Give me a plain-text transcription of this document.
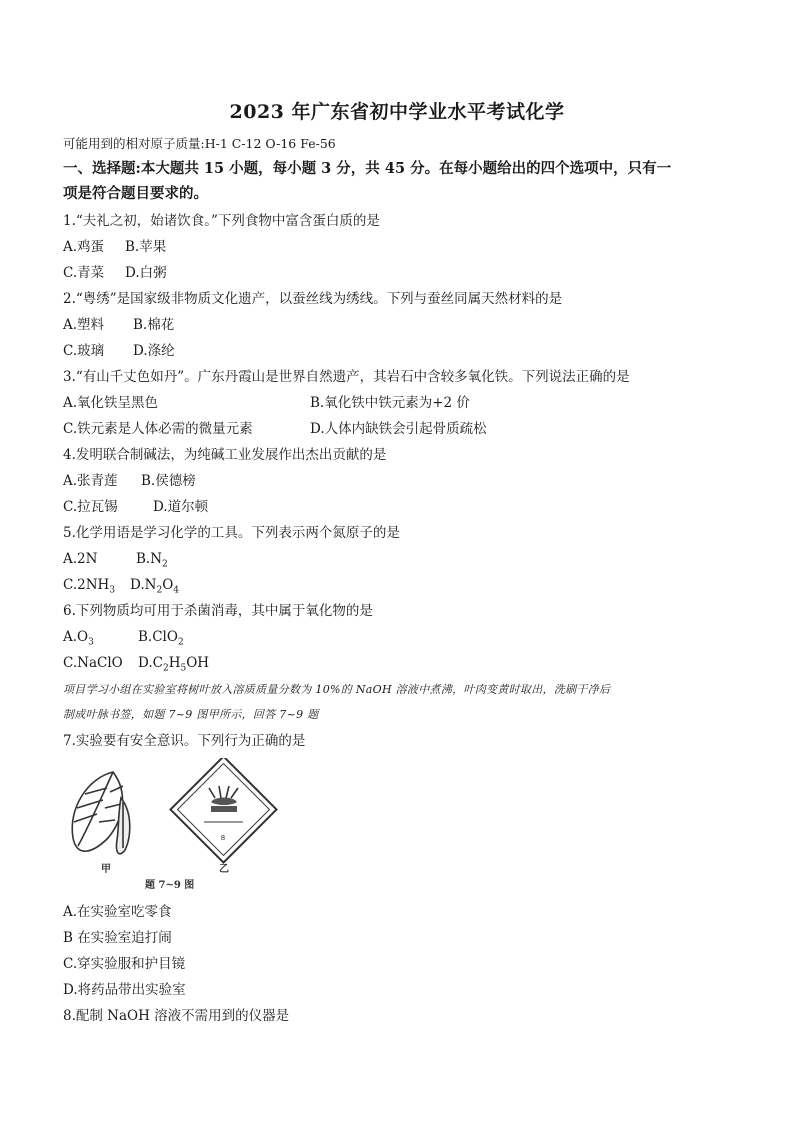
2023 年广东省初中学业水平考试化学
可能用到的相对原子质量:H-1 C-12 O-16 Fe-56
一、选择题:本大题共 15 小题，每小题 3 分，共 45 分。在每小题给出的四个选项中，只有一
项是符合题目要求的。
1.“夫礼之初，始诸饮食。”下列食物中富含蛋白质的是
A.鸡蛋 B.苹果
C.青菜 D.白粥
2.“粤绣”是国家级非物质文化遗产，以蚕丝线为绣线。下列与蚕丝同属天然材料的是
A.塑料 B.棉花
C.玻璃 D.涤纶
3.“有山千丈色如丹”。广东丹霞山是世界自然遗产，其岩石中含较多氧化铁。下列说法正确的是
A.氧化铁呈黑色	B.氧化铁中铁元素为+2 价
C.铁元素是人体必需的微量元素	D.人体内缺铁会引起骨质疏松
4.发明联合制碱法，为纯碱工业发展作出杰出贡献的是
A.张青莲 B.侯德榜
C.拉瓦锡	D.道尔顿
5.化学用语是学习化学的工具。下列表示两个氮原子的是
A.2N	$B.N_2$
$C.2NH_3$ $D.N_2O_4$
6.下列物质均可用于杀菌消毒，其中属于氧化物的是
$A.O_3$	B.ClO$_2$
C.NaClO $D.C_2H_5OH$
项目学习小组在实验室将树叶放入溶质质量分数为 10%的 NaOH 溶液中煮沸，叶肉变黄时取出，洗刷干净后
制成叶脉书签，如题 7~9 图甲所示，回答 7~9 题
7.实验要有安全意识。下列行为正确的是
8
甲	乙
题 7~9 图
A.在实验室吃零食
B 在实验室追打闹
C.穿实验服和护目镜
D.将药品带出实验室
8.配制 NaOH 溶液不需用到的仪器是
